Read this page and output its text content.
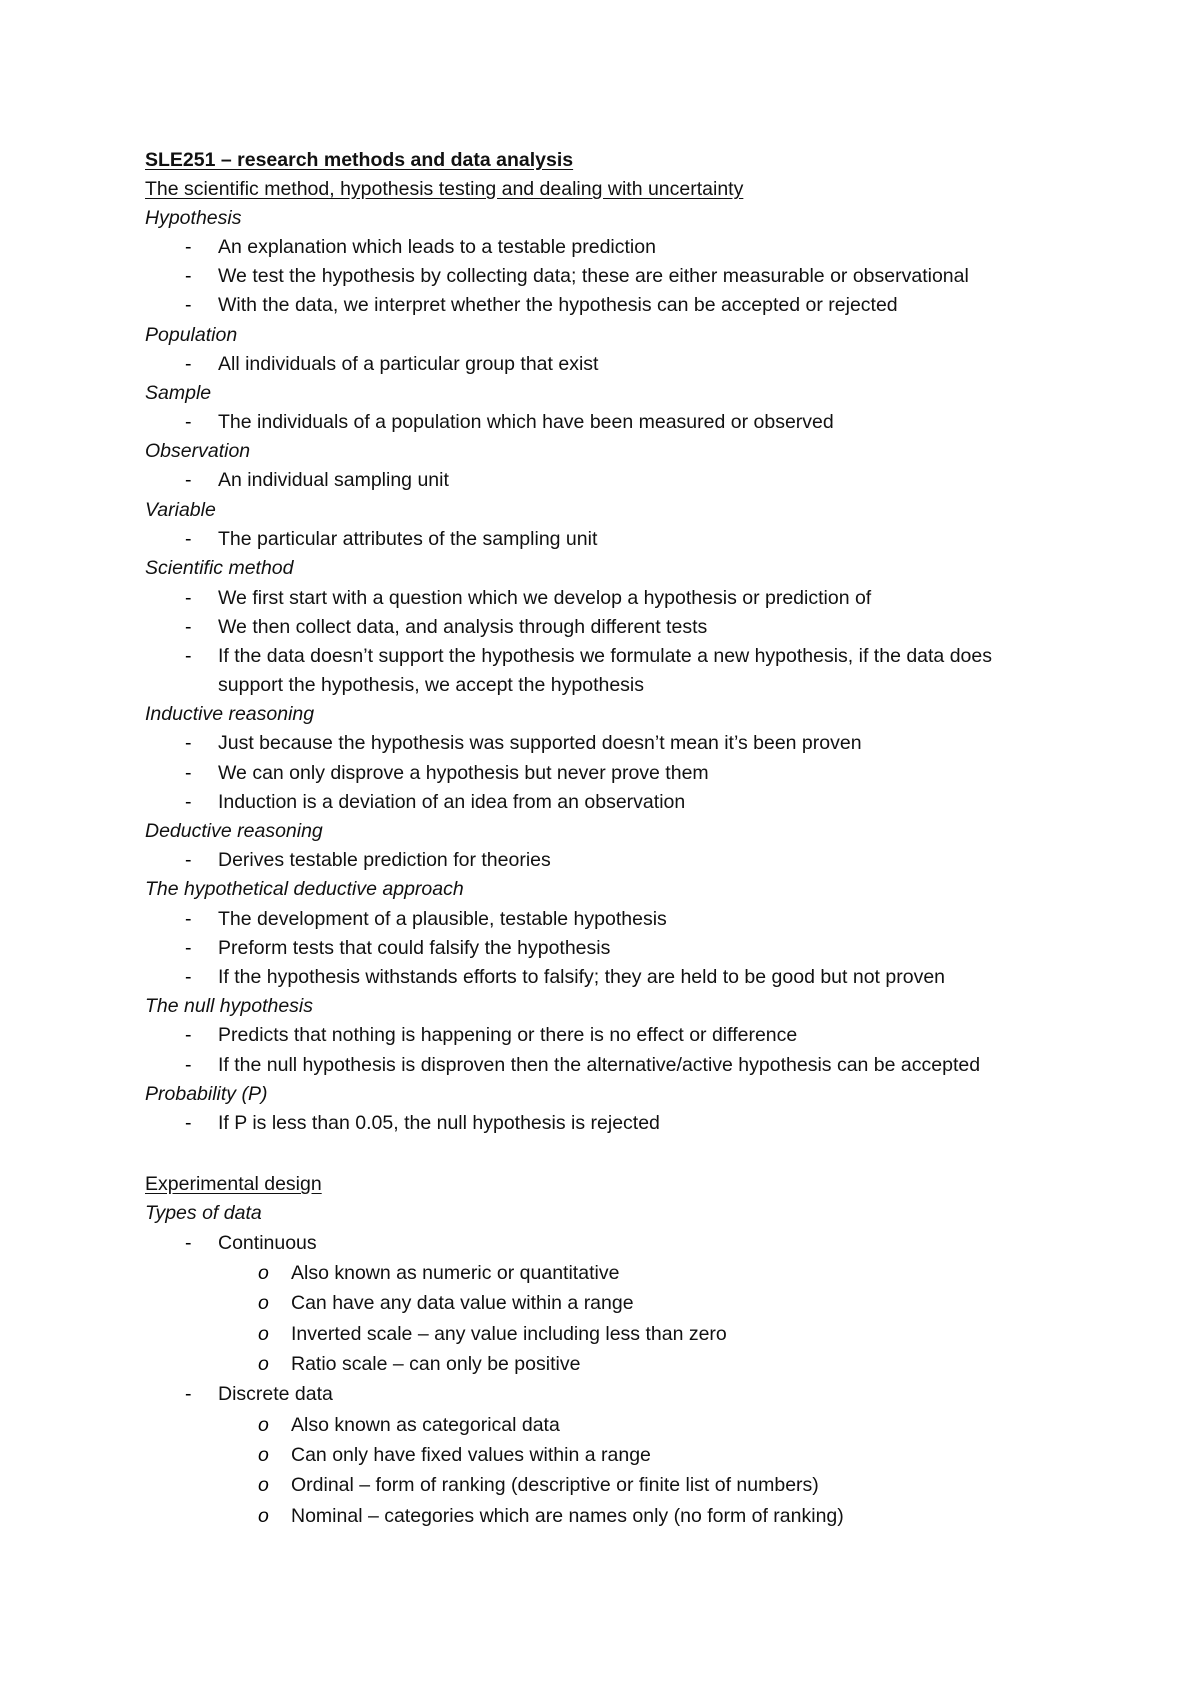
SLE251 – research methods and data analysis
The scientific method, hypothesis testing and dealing with uncertainty
Hypothesis
-	An explanation which leads to a testable prediction
-	We test the hypothesis by collecting data; these are either measurable or observational
-	With the data, we interpret whether the hypothesis can be accepted or rejected
Population
-	All individuals of a particular group that exist
Sample
-	The individuals of a population which have been measured or observed
Observation
-	An individual sampling unit
Variable
-	The particular attributes of the sampling unit
Scientific method
-	We first start with a question which we develop a hypothesis or prediction of
-	We then collect data, and analysis through different tests
-	If the data doesn’t support the hypothesis we formulate a new hypothesis, if the data does
support the hypothesis, we accept the hypothesis
Inductive reasoning
-	Just because the hypothesis was supported doesn’t mean it’s been proven
-	We can only disprove a hypothesis but never prove them
-	Induction is a deviation of an idea from an observation
Deductive reasoning
-	Derives testable prediction for theories
The hypothetical deductive approach
-	The development of a plausible, testable hypothesis
-	Preform tests that could falsify the hypothesis
-	If the hypothesis withstands efforts to falsify; they are held to be good but not proven
The null hypothesis
-	Predicts that nothing is happening or there is no effect or difference
-	If the null hypothesis is disproven then the alternative/active hypothesis can be accepted
Probability (P)
-	If P is less than 0.05, the null hypothesis is rejected
Experimental design
Types of data
-	Continuous
o	Also known as numeric or quantitative
o	Can have any data value within a range
o	Inverted scale – any value including less than zero
o	Ratio scale – can only be positive
-	Discrete data
o	Also known as categorical data
o	Can only have fixed values within a range
o	Ordinal – form of ranking (descriptive or finite list of numbers)
o	Nominal – categories which are names only (no form of ranking)
